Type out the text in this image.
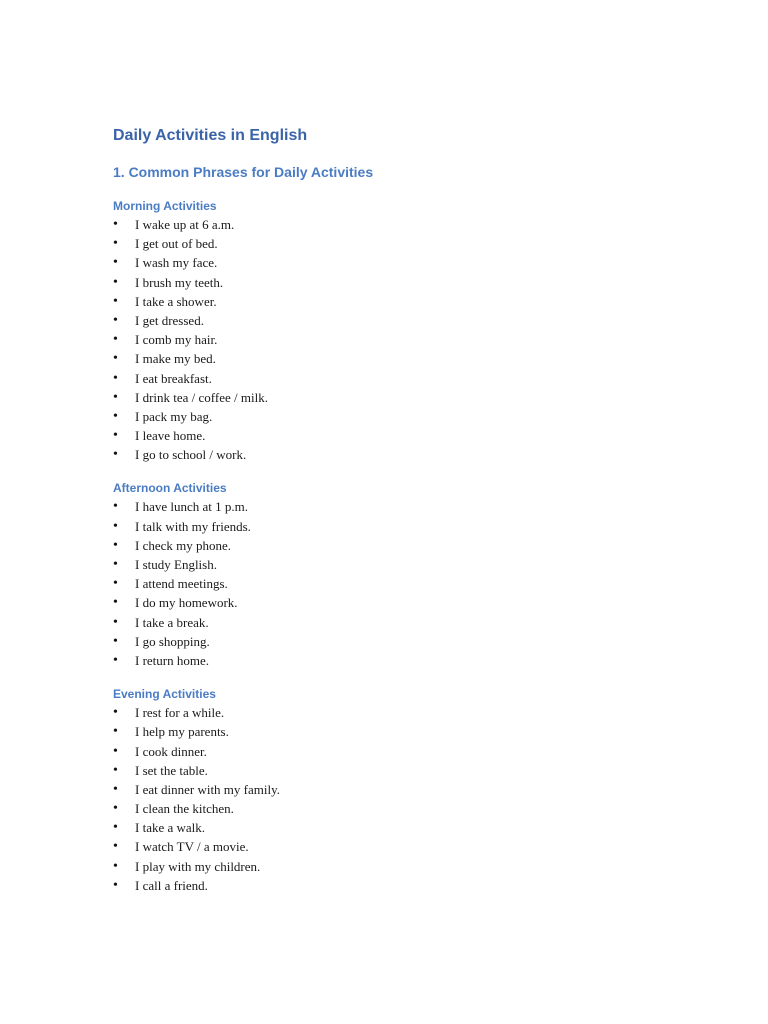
Daily Activities in English
1. Common Phrases for Daily Activities
Morning Activities
•	I wake up at 6 a.m.
•	I get out of bed.
•	I wash my face.
•	I brush my teeth.
•	I take a shower.
•	I get dressed.
•	I comb my hair.
•	I make my bed.
•	I eat breakfast.
•	I drink tea / coffee / milk.
•	I pack my bag.
•	I leave home.
•	I go to school / work.
Afternoon Activities
•	I have lunch at 1 p.m.
•	I talk with my friends.
•	I check my phone.
•	I study English.
•	I attend meetings.
•	I do my homework.
•	I take a break.
•	I go shopping.
•	I return home.
Evening Activities
•	I rest for a while.
•	I help my parents.
•	I cook dinner.
•	I set the table.
•	I eat dinner with my family.
•	I clean the kitchen.
•	I take a walk.
•	I watch TV / a movie.
•	I play with my children.
•	I call a friend.
